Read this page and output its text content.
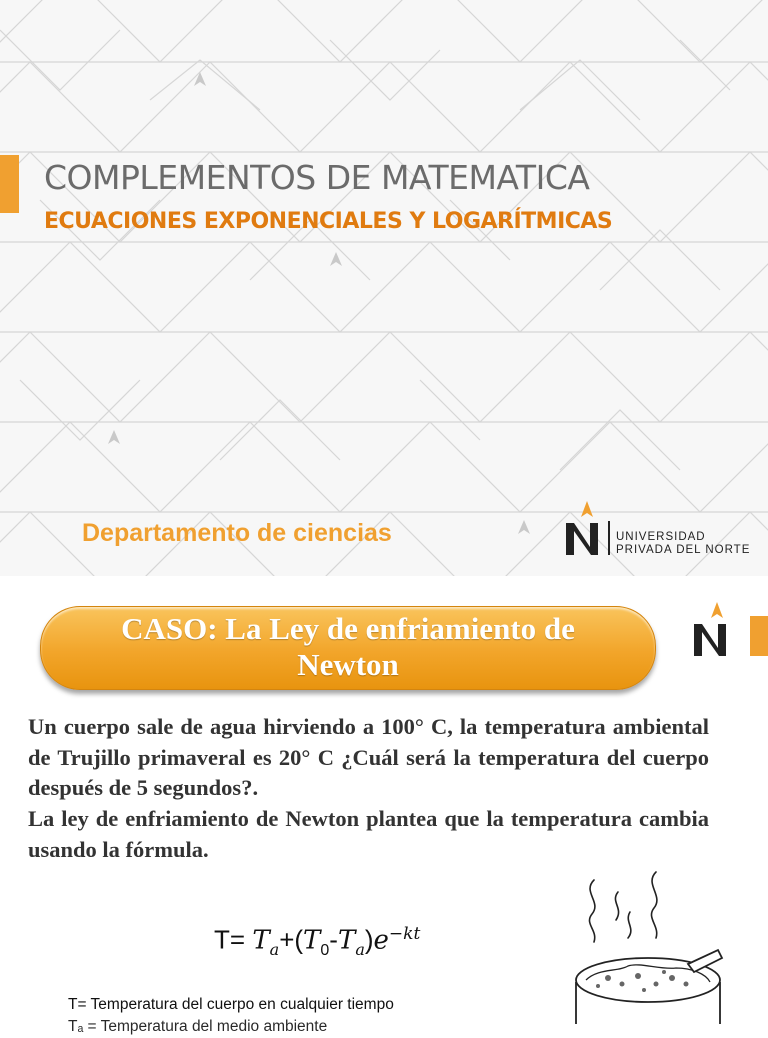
COMPLEMENTOS DE MATEMATICA
ECUACIONES EXPONENCIALES Y LOGARÍTMICAS
Departamento de ciencias	UNIVERSIDAD
PRIVADA DEL NORTE
CASO: La Ley de enfriamiento de
Newton

Un cuerpo sale de agua hirviendo a 100° C, la temperatura ambiental de Trujillo primaveral es 20° C ¿Cuál será la temperatura del cuerpo después de 5 segundos?.

La ley de enfriamiento de Newton plantea que la temperatura cambia usando la fórmula.

$T= T_a+(T_0-T_a)e^{-kt}$
T= Temperatura del cuerpo en cualquier tiempo
Tₐ = Temperatura del medio ambiente
